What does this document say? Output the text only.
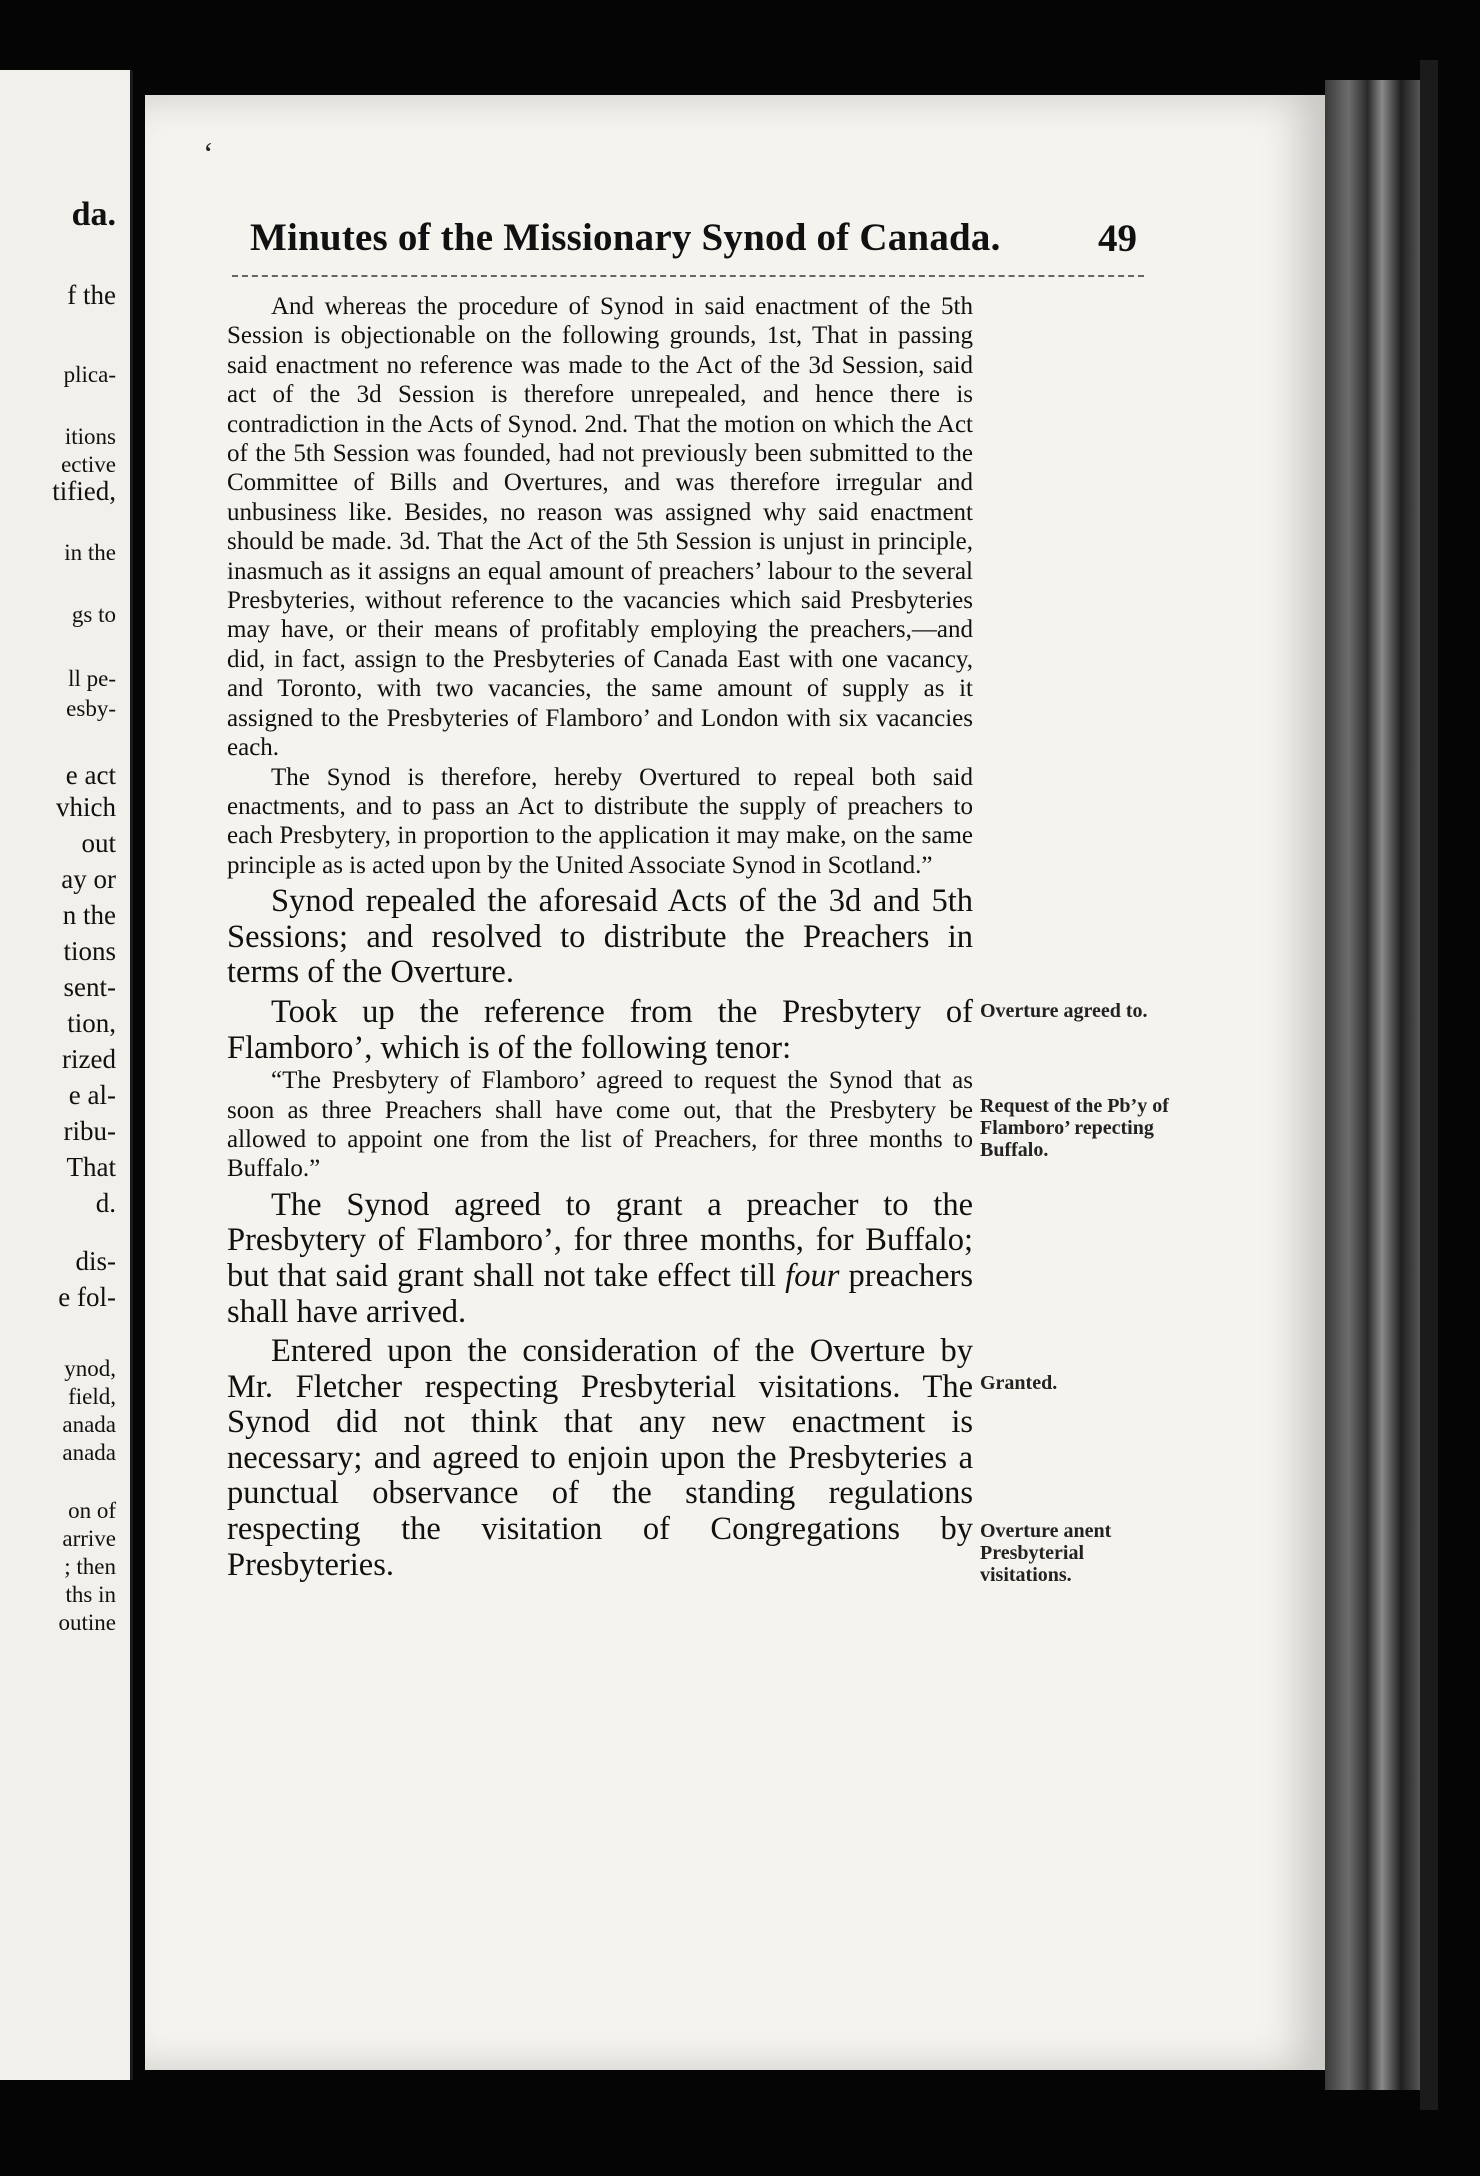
da.
f the
plica-
itions
ective
tified,
in the
gs to
ll pe-
esby-
e act
vhich
out
ay or
n the
tions
sent-
tion,
rized
e al-
ribu-
That
d.
dis-
e fol-
ynod,
field,
anada
anada
on of
arrive
; then
ths in
outine
‘
Minutes of the Missionary Synod of Canada.	49

And whereas the procedure of Synod in said enactment of the 5th Session is objectionable on the following grounds, 1st, That in passing said enactment no reference was made to the Act of the 3d Session, said act of the 3d Session is therefore unrepealed, and hence there is contradiction in the Acts of Synod. 2nd. That the motion on which the Act of the 5th Session was founded, had not previously been submitted to the Committee of Bills and Overtures, and was therefore irregular and unbusiness like. Besides, no reason was assigned why said enactment should be made. 3d. That the Act of the 5th Session is unjust in principle, inasmuch as it assigns an equal amount of preachers’ labour to the several Presbyteries, without reference to the vacancies which said Presbyteries may have, or their means of profitably employing the preachers,—and did, in fact, assign to the Presbyteries of Canada East with one vacancy, and Toronto, with two vacancies, the same amount of supply as it assigned to the Presbyteries of Flamboro’ and London with six vacancies each.

The Synod is therefore, hereby Overtured to repeal both said enactments, and to pass an Act to distribute the supply of preachers to each Presbytery, in proportion to the application it may make, on the same principle as is acted upon by the United Associate Synod in Scotland.”

Synod repealed the aforesaid Acts of the 3d and 5th Sessions; and resolved to distribute the Preachers in terms of the Overture.

Took up the reference from the Presbytery of Flamboro’, which is of the following tenor:

“The Presbytery of Flamboro’ agreed to request the Synod that as soon as three Preachers shall have come out, that the Presbytery be allowed to appoint one from the list of Preachers, for three months to Buffalo.”

The Synod agreed to grant a preacher to the Presbytery of Flamboro’, for three months, for Buffalo; but that said grant shall not take effect till four preachers shall have arrived.

Entered upon the consideration of the Overture by Mr. Fletcher respecting Presbyterial visitations. The Synod did not think that any new enactment is necessary; and agreed to enjoin upon the Presbyteries a punctual observance of the standing regulations respecting the visitation of Congregations by Presbyteries.

Overture agreed to.
Request of the Pb’y of Flamboro’ repecting Buffalo.
Granted.
Overture anent Presbyterial visitations.
